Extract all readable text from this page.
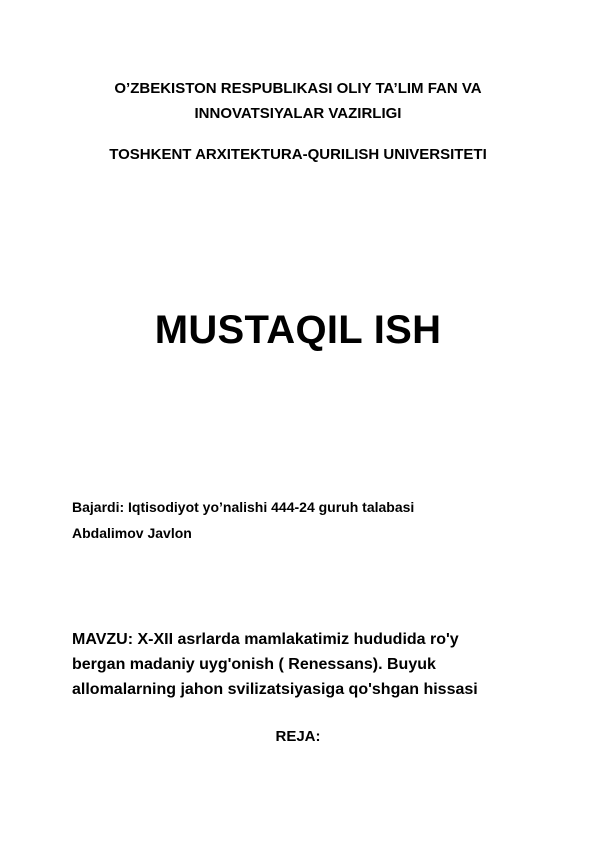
O’ZBEKISTON RESPUBLIKASI OLIY TA’LIM FAN VA
INNOVATSIYALAR VAZIRLIGI
TOSHKENT ARXITEKTURA-QURILISH UNIVERSITETI
MUSTAQIL ISH
Bajardi: Iqtisodiyot yo’nalishi 444-24 guruh talabasi
Abdalimov Javlon
MAVZU: X-XII asrlarda mamlakatimiz hududida ro'y
bergan madaniy uyg'onish ( Renessans). Buyuk
allomalarning jahon svilizatsiyasiga qo'shgan hissasi
REJA:
